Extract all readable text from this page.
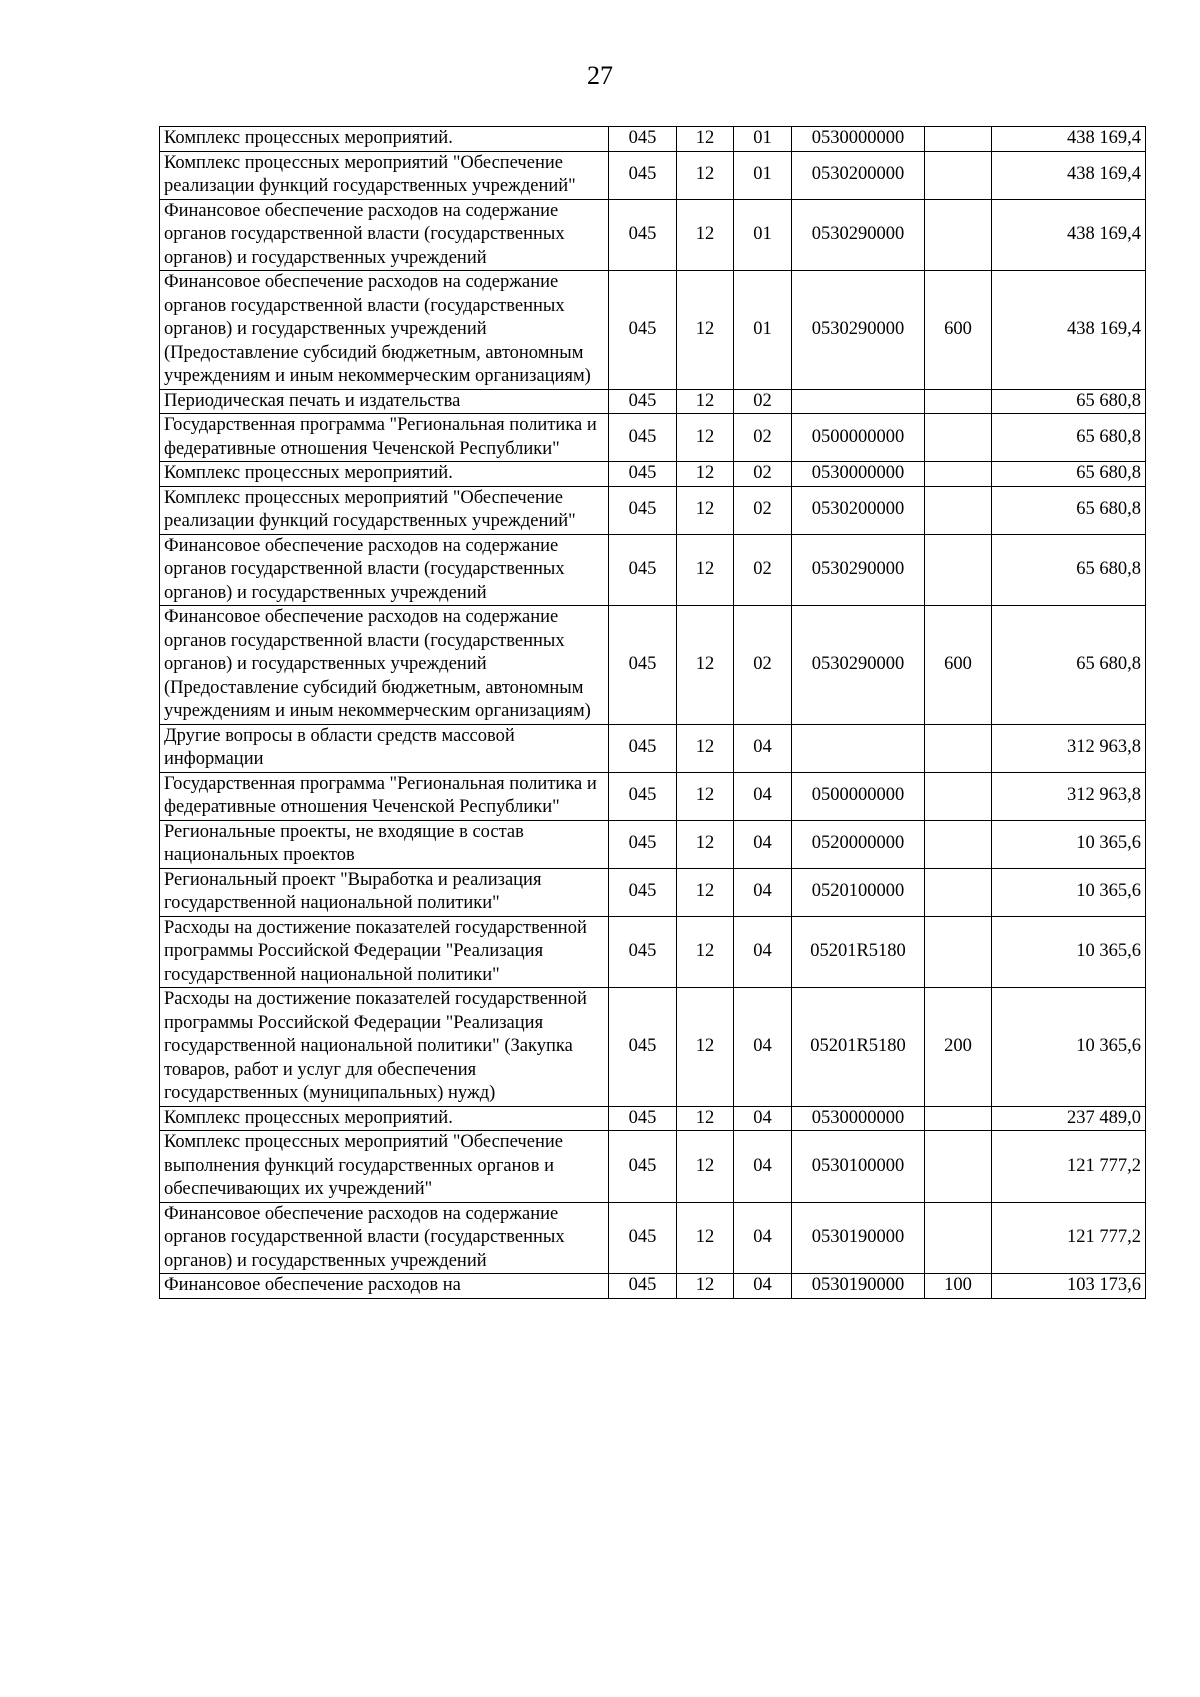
27
Комплекс процессных мероприятий.	045	12	01	0530000000		438 169,4
Комплекс процессных мероприятий "Обеспечение реализации функций государственных учреждений"	045	12	01	0530200000		438 169,4
Финансовое обеспечение расходов на содержание органов государственной власти (государственных органов) и государственных учреждений	045	12	01	0530290000		438 169,4
Финансовое обеспечение расходов на содержание органов государственной власти (государственных органов) и государственных учреждений (Предоставление субсидий бюджетным, автономным учреждениям и иным некоммерческим организациям)	045	12	01	0530290000	600	438 169,4
Периодическая печать и издательства	045	12	02			65 680,8
Государственная программа "Региональная политика и федеративные отношения Чеченской Республики"	045	12	02	0500000000		65 680,8
Комплекс процессных мероприятий.	045	12	02	0530000000		65 680,8
Комплекс процессных мероприятий "Обеспечение реализации функций государственных учреждений"	045	12	02	0530200000		65 680,8
Финансовое обеспечение расходов на содержание органов государственной власти (государственных органов) и государственных учреждений	045	12	02	0530290000		65 680,8
Финансовое обеспечение расходов на содержание органов государственной власти (государственных органов) и государственных учреждений (Предоставление субсидий бюджетным, автономным учреждениям и иным некоммерческим организациям)	045	12	02	0530290000	600	65 680,8
Другие вопросы в области средств массовой информации	045	12	04			312 963,8
Государственная программа "Региональная политика и федеративные отношения Чеченской Республики"	045	12	04	0500000000		312 963,8
Региональные проекты, не входящие в состав национальных проектов	045	12	04	0520000000		10 365,6
Региональный проект "Выработка и реализация государственной национальной политики"	045	12	04	0520100000		10 365,6
Расходы на достижение показателей государственной программы Российской Федерации "Реализация государственной национальной политики"	045	12	04	05201R5180		10 365,6
Расходы на достижение показателей государственной программы Российской Федерации "Реализация государственной национальной политики" (Закупка товаров, работ и услуг для обеспечения государственных (муниципальных) нужд)	045	12	04	05201R5180	200	10 365,6
Комплекс процессных мероприятий.	045	12	04	0530000000		237 489,0
Комплекс процессных мероприятий "Обеспечение выполнения функций государственных органов и обеспечивающих их учреждений"	045	12	04	0530100000		121 777,2
Финансовое обеспечение расходов на содержание органов государственной власти (государственных органов) и государственных учреждений	045	12	04	0530190000		121 777,2
Финансовое обеспечение расходов на	045	12	04	0530190000	100	103 173,6
